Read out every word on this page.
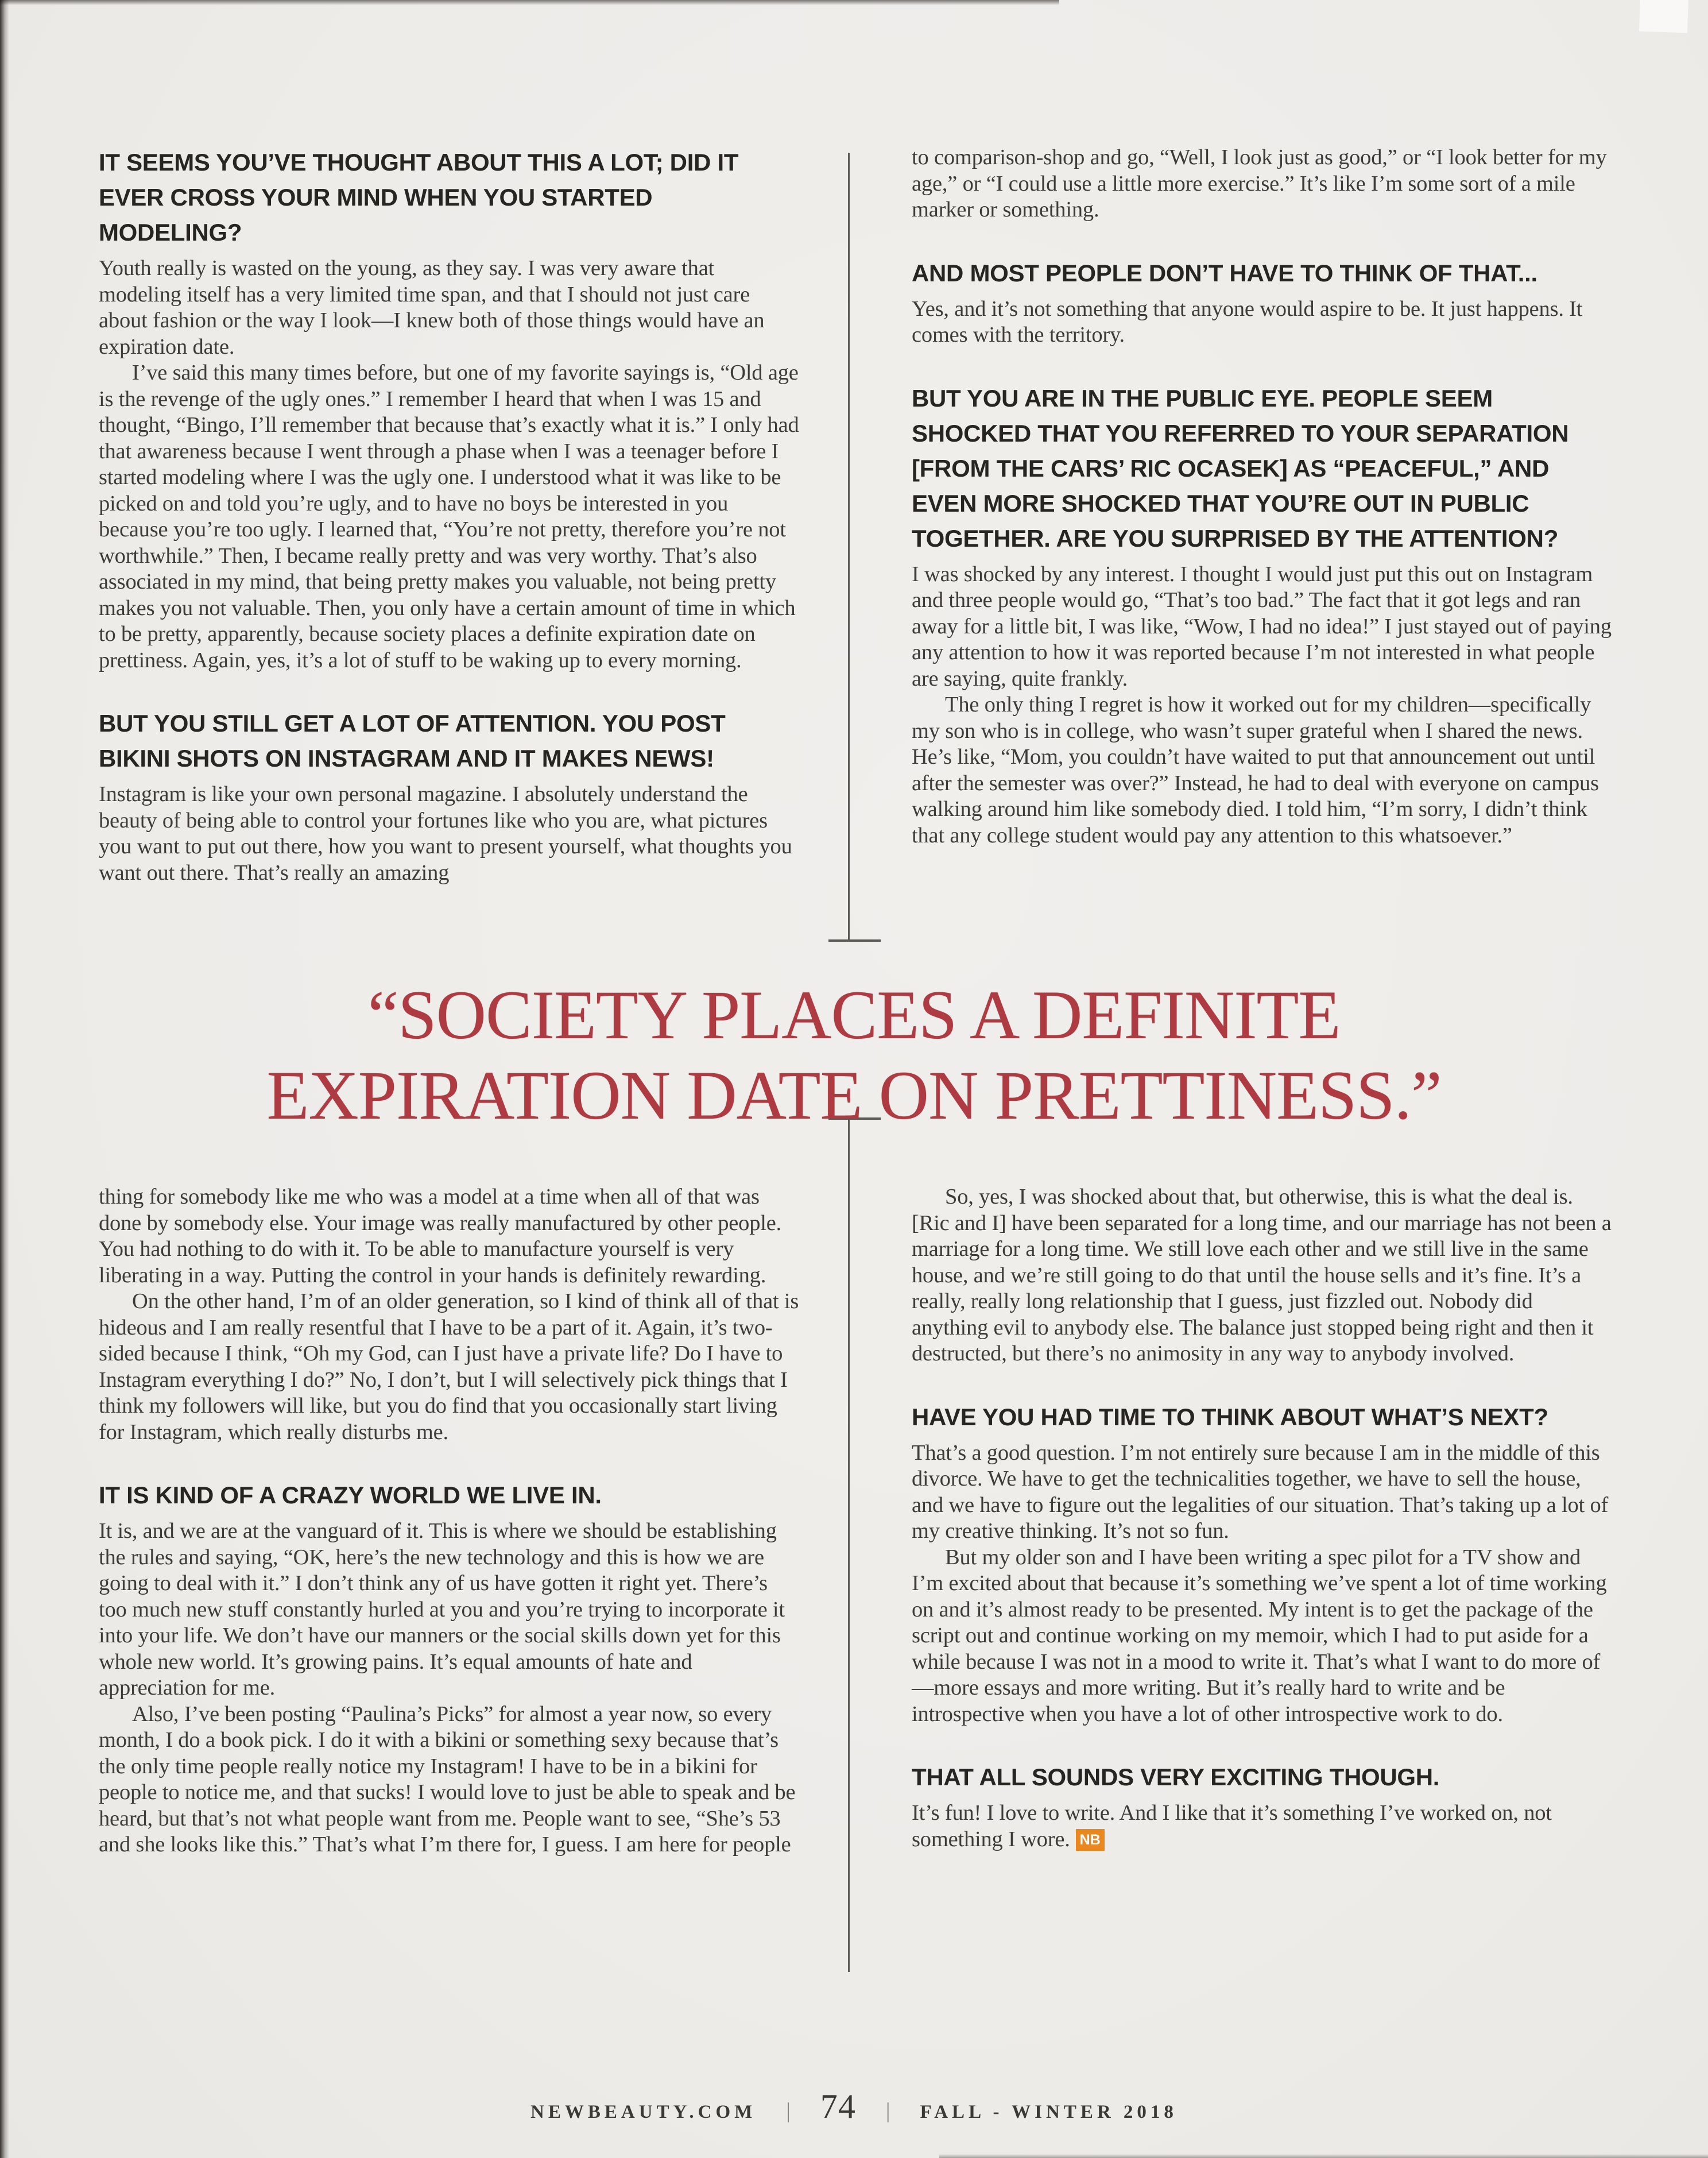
IT SEEMS YOU’VE THOUGHT ABOUT THIS A LOT; DID IT EVER CROSS YOUR MIND WHEN YOU STARTED MODELING?

Youth really is wasted on the young, as they say. I was very aware that modeling itself has a very limited time span, and that I should not just care about fashion or the way I look—I knew both of those things would have an expiration date.

I’ve said this many times before, but one of my favorite sayings is, “Old age is the revenge of the ugly ones.” I remember I heard that when I was 15 and thought, “Bingo, I’ll remember that because that’s exactly what it is.” I only had that awareness because I went through a phase when I was a teenager before I started modeling where I was the ugly one. I understood what it was like to be picked on and told you’re ugly, and to have no boys be interested in you because you’re too ugly. I learned that, “You’re not pretty, therefore you’re not worthwhile.” Then, I became really pretty and was very worthy. That’s also associated in my mind, that being pretty makes you valuable, not being pretty makes you not valuable. Then, you only have a certain amount of time in which to be pretty, apparently, because society places a definite expiration date on prettiness. Again, yes, it’s a lot of stuff to be waking up to every morning.

BUT YOU STILL GET A LOT OF ATTENTION. YOU POST BIKINI SHOTS ON INSTAGRAM AND IT MAKES NEWS!

Instagram is like your own personal magazine. I absolutely understand the beauty of being able to control your fortunes like who you are, what pictures you want to put out there, how you want to present yourself, what thoughts you want out there. That’s really an amazing

to comparison-shop and go, “Well, I look just as good,” or “I look better for my age,” or “I could use a little more exercise.” It’s like I’m some sort of a mile marker or something.

AND MOST PEOPLE DON’T HAVE TO THINK OF THAT...

Yes, and it’s not something that anyone would aspire to be. It just happens. It comes with the territory.

BUT YOU ARE IN THE PUBLIC EYE. PEOPLE SEEM SHOCKED THAT YOU REFERRED TO YOUR SEPARATION [FROM THE CARS’ RIC OCASEK] AS “PEACEFUL,” AND EVEN MORE SHOCKED THAT YOU’RE OUT IN PUBLIC TOGETHER. ARE YOU SURPRISED BY THE ATTENTION?

I was shocked by any interest. I thought I would just put this out on Instagram and three people would go, “That’s too bad.” The fact that it got legs and ran away for a little bit, I was like, “Wow, I had no idea!” I just stayed out of paying any attention to how it was reported because I’m not interested in what people are saying, quite frankly.

The only thing I regret is how it worked out for my children—specifically my son who is in college, who wasn’t super grateful when I shared the news. He’s like, “Mom, you couldn’t have waited to put that announcement out until after the semester was over?” Instead, he had to deal with everyone on campus walking around him like somebody died. I told him, “I’m sorry, I didn’t think that any college student would pay any attention to this whatsoever.”

“SOCIETY PLACES A DEFINITE
EXPIRATION DATE ON PRETTINESS.”

thing for somebody like me who was a model at a time when all of that was done by somebody else. Your image was really manufactured by other people. You had nothing to do with it. To be able to manufacture yourself is very liberating in a way. Putting the control in your hands is definitely rewarding.

On the other hand, I’m of an older generation, so I kind of think all of that is hideous and I am really resentful that I have to be a part of it. Again, it’s two-sided because I think, “Oh my God, can I just have a private life? Do I have to Instagram everything I do?” No, I don’t, but I will selectively pick things that I think my followers will like, but you do find that you occasionally start living for Instagram, which really disturbs me.

IT IS KIND OF A CRAZY WORLD WE LIVE IN.

It is, and we are at the vanguard of it. This is where we should be establishing the rules and saying, “OK, here’s the new technology and this is how we are going to deal with it.” I don’t think any of us have gotten it right yet. There’s too much new stuff constantly hurled at you and you’re trying to incorporate it into your life. We don’t have our manners or the social skills down yet for this whole new world. It’s growing pains. It’s equal amounts of hate and appreciation for me.

Also, I’ve been posting “Paulina’s Picks” for almost a year now, so every month, I do a book pick. I do it with a bikini or something sexy because that’s the only time people really notice my Instagram! I have to be in a bikini for people to notice me, and that sucks! I would love to just be able to speak and be heard, but that’s not what people want from me. People want to see, “She’s 53 and she looks like this.” That’s what I’m there for, I guess. I am here for people

So, yes, I was shocked about that, but otherwise, this is what the deal is. [Ric and I] have been separated for a long time, and our marriage has not been a marriage for a long time. We still love each other and we still live in the same house, and we’re still going to do that until the house sells and it’s fine. It’s a really, really long relationship that I guess, just fizzled out. Nobody did anything evil to anybody else. The balance just stopped being right and then it destructed, but there’s no animosity in any way to anybody involved.

HAVE YOU HAD TIME TO THINK ABOUT WHAT’S NEXT?

That’s a good question. I’m not entirely sure because I am in the middle of this divorce. We have to get the technicalities together, we have to sell the house, and we have to figure out the legalities of our situation. That’s taking up a lot of my creative thinking. It’s not so fun.

But my older son and I have been writing a spec pilot for a TV show and I’m excited about that because it’s something we’ve spent a lot of time working on and it’s almost ready to be presented. My intent is to get the package of the script out and continue working on my memoir, which I had to put aside for a while because I was not in a mood to write it. That’s what I want to do more of—more essays and more writing. But it’s really hard to write and be introspective when you have a lot of other introspective work to do.

THAT ALL SOUNDS VERY EXCITING THOUGH.

It’s fun! I love to write. And I like that it’s something I’ve worked on, not something I wore. NB

NEWBEAUTY.COM | 74 | FALL - WINTER 2018
